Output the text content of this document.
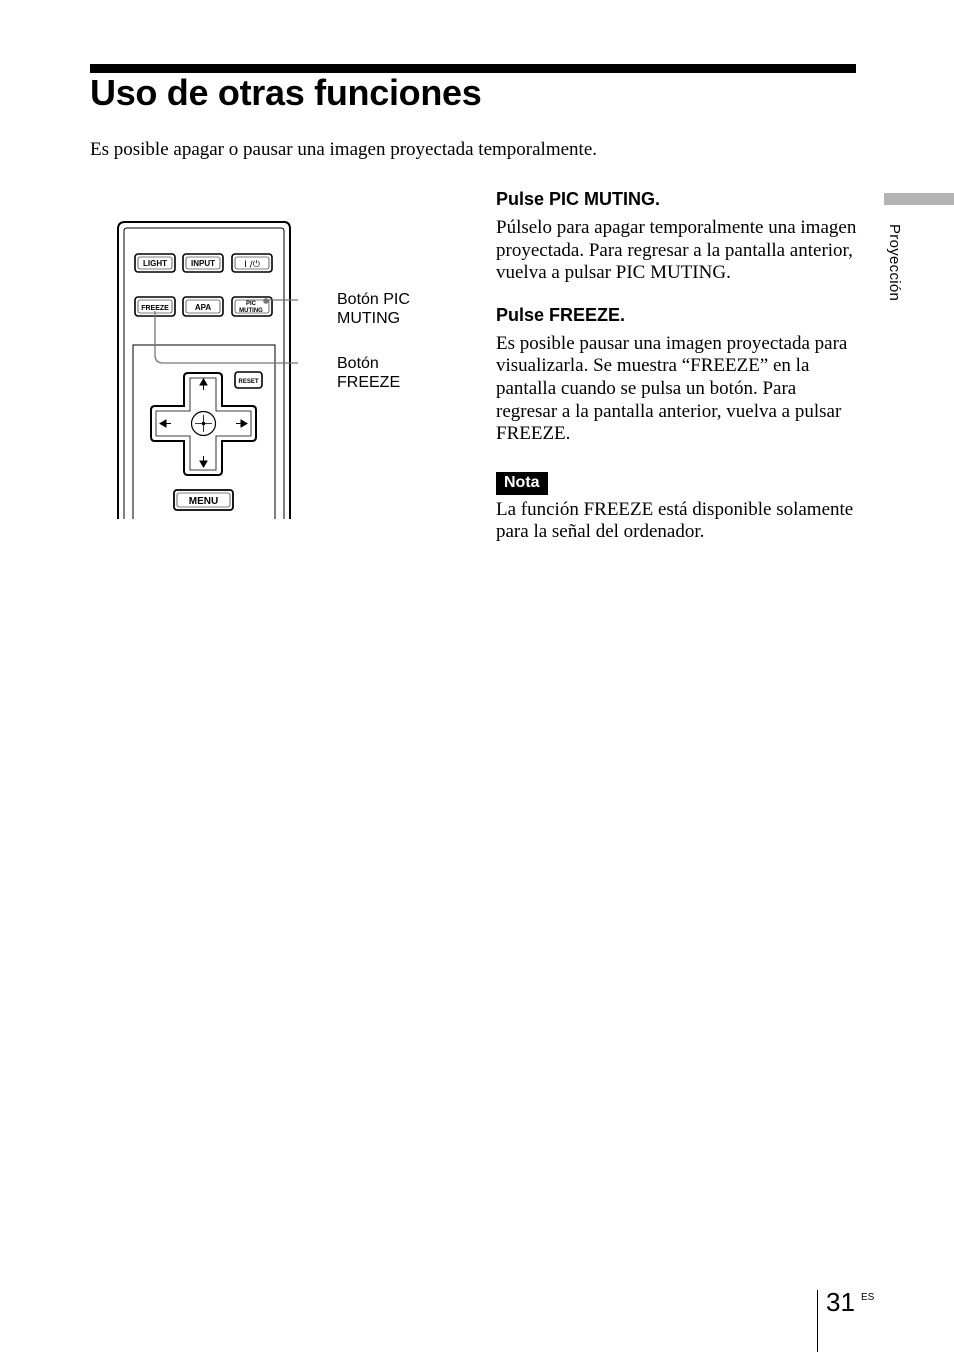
Uso de otras funciones

Es posible apagar o pausar una imagen proyectada temporalmente.

LIGHT	INPUT	I /⏻
FREEZE	APA	PIC
MUTING
RESET
MENU
Botón PIC
MUTING
Botón
FREEZE
Pulse PIC MUTING.

Púlselo para apagar temporalmente una imagen proyectada. Para regresar a la pantalla anterior, vuelva a pulsar PIC MUTING.

Pulse FREEZE.

Es posible pausar una imagen proyectada para visualizarla. Se muestra “FREEZE” en la pantalla cuando se pulsa un botón. Para regresar a la pantalla anterior, vuelva a pulsar FREEZE.

Nota

La función FREEZE está disponible solamente para la señal del ordenador.

Proyección
31 ES
